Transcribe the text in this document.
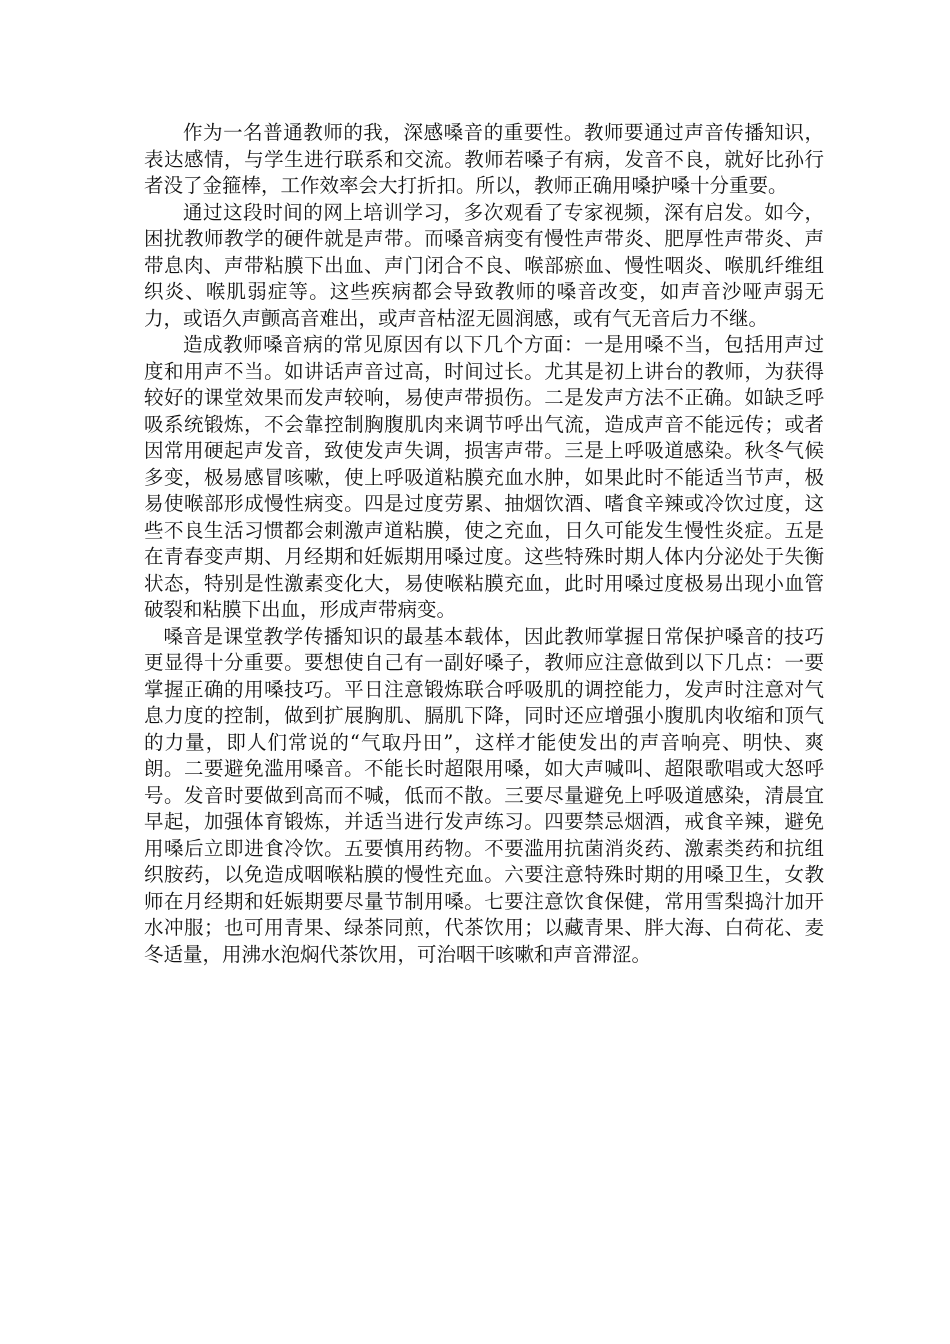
作为一名普通教师的我，深感嗓音的重要性。教师要通过声音传播知识，表达感情，与学生进行联系和交流。教师若嗓子有病，发音不良，就好比孙行者没了金箍棒，工作效率会大打折扣。所以，教师正确用嗓护嗓十分重要。

通过这段时间的网上培训学习，多次观看了专家视频，深有启发。如今，困扰教师教学的硬件就是声带。而嗓音病变有慢性声带炎、肥厚性声带炎、声带息肉、声带粘膜下出血、声门闭合不良、喉部瘀血、慢性咽炎、喉肌纤维组织炎、喉肌弱症等。这些疾病都会导致教师的嗓音改变，如声音沙哑声弱无力，或语久声颤高音难出，或声音枯涩无圆润感，或有气无音后力不继。

造成教师嗓音病的常见原因有以下几个方面：一是用嗓不当，包括用声过度和用声不当。如讲话声音过高，时间过长。尤其是初上讲台的教师，为获得较好的课堂效果而发声较响，易使声带损伤。二是发声方法不正确。如缺乏呼吸系统锻炼，不会靠控制胸腹肌肉来调节呼出气流，造成声音不能远传；或者因常用硬起声发音，致使发声失调，损害声带。三是上呼吸道感染。秋冬气候多变，极易感冒咳嗽，使上呼吸道粘膜充血水肿，如果此时不能适当节声，极易使喉部形成慢性病变。四是过度劳累、抽烟饮酒、嗜食辛辣或冷饮过度，这些不良生活习惯都会刺激声道粘膜，使之充血，日久可能发生慢性炎症。五是在青春变声期、月经期和妊娠期用嗓过度。这些特殊时期人体内分泌处于失衡状态，特别是性激素变化大，易使喉粘膜充血，此时用嗓过度极易出现小血管破裂和粘膜下出血，形成声带病变。

嗓音是课堂教学传播知识的最基本载体，因此教师掌握日常保护嗓音的技巧更显得十分重要。要想使自己有一副好嗓子，教师应注意做到以下几点：一要掌握正确的用嗓技巧。平日注意锻炼联合呼吸肌的调控能力，发声时注意对气息力度的控制，做到扩展胸肌、膈肌下降，同时还应增强小腹肌肉收缩和顶气的力量，即人们常说的“气取丹田”，这样才能使发出的声音响亮、明快、爽朗。二要避免滥用嗓音。不能长时超限用嗓，如大声喊叫、超限歌唱或大怒呼号。发音时要做到高而不喊，低而不散。三要尽量避免上呼吸道感染，清晨宜早起，加强体育锻炼，并适当进行发声练习。四要禁忌烟酒，戒食辛辣，避免用嗓后立即进食冷饮。五要慎用药物。不要滥用抗菌消炎药、激素类药和抗组织胺药，以免造成咽喉粘膜的慢性充血。六要注意特殊时期的用嗓卫生，女教师在月经期和妊娠期要尽量节制用嗓。七要注意饮食保健，常用雪梨捣汁加开水冲服；也可用青果、绿茶同煎，代茶饮用；以藏青果、胖大海、白荷花、麦冬适量，用沸水泡焖代茶饮用，可治咽干咳嗽和声音滞涩。
